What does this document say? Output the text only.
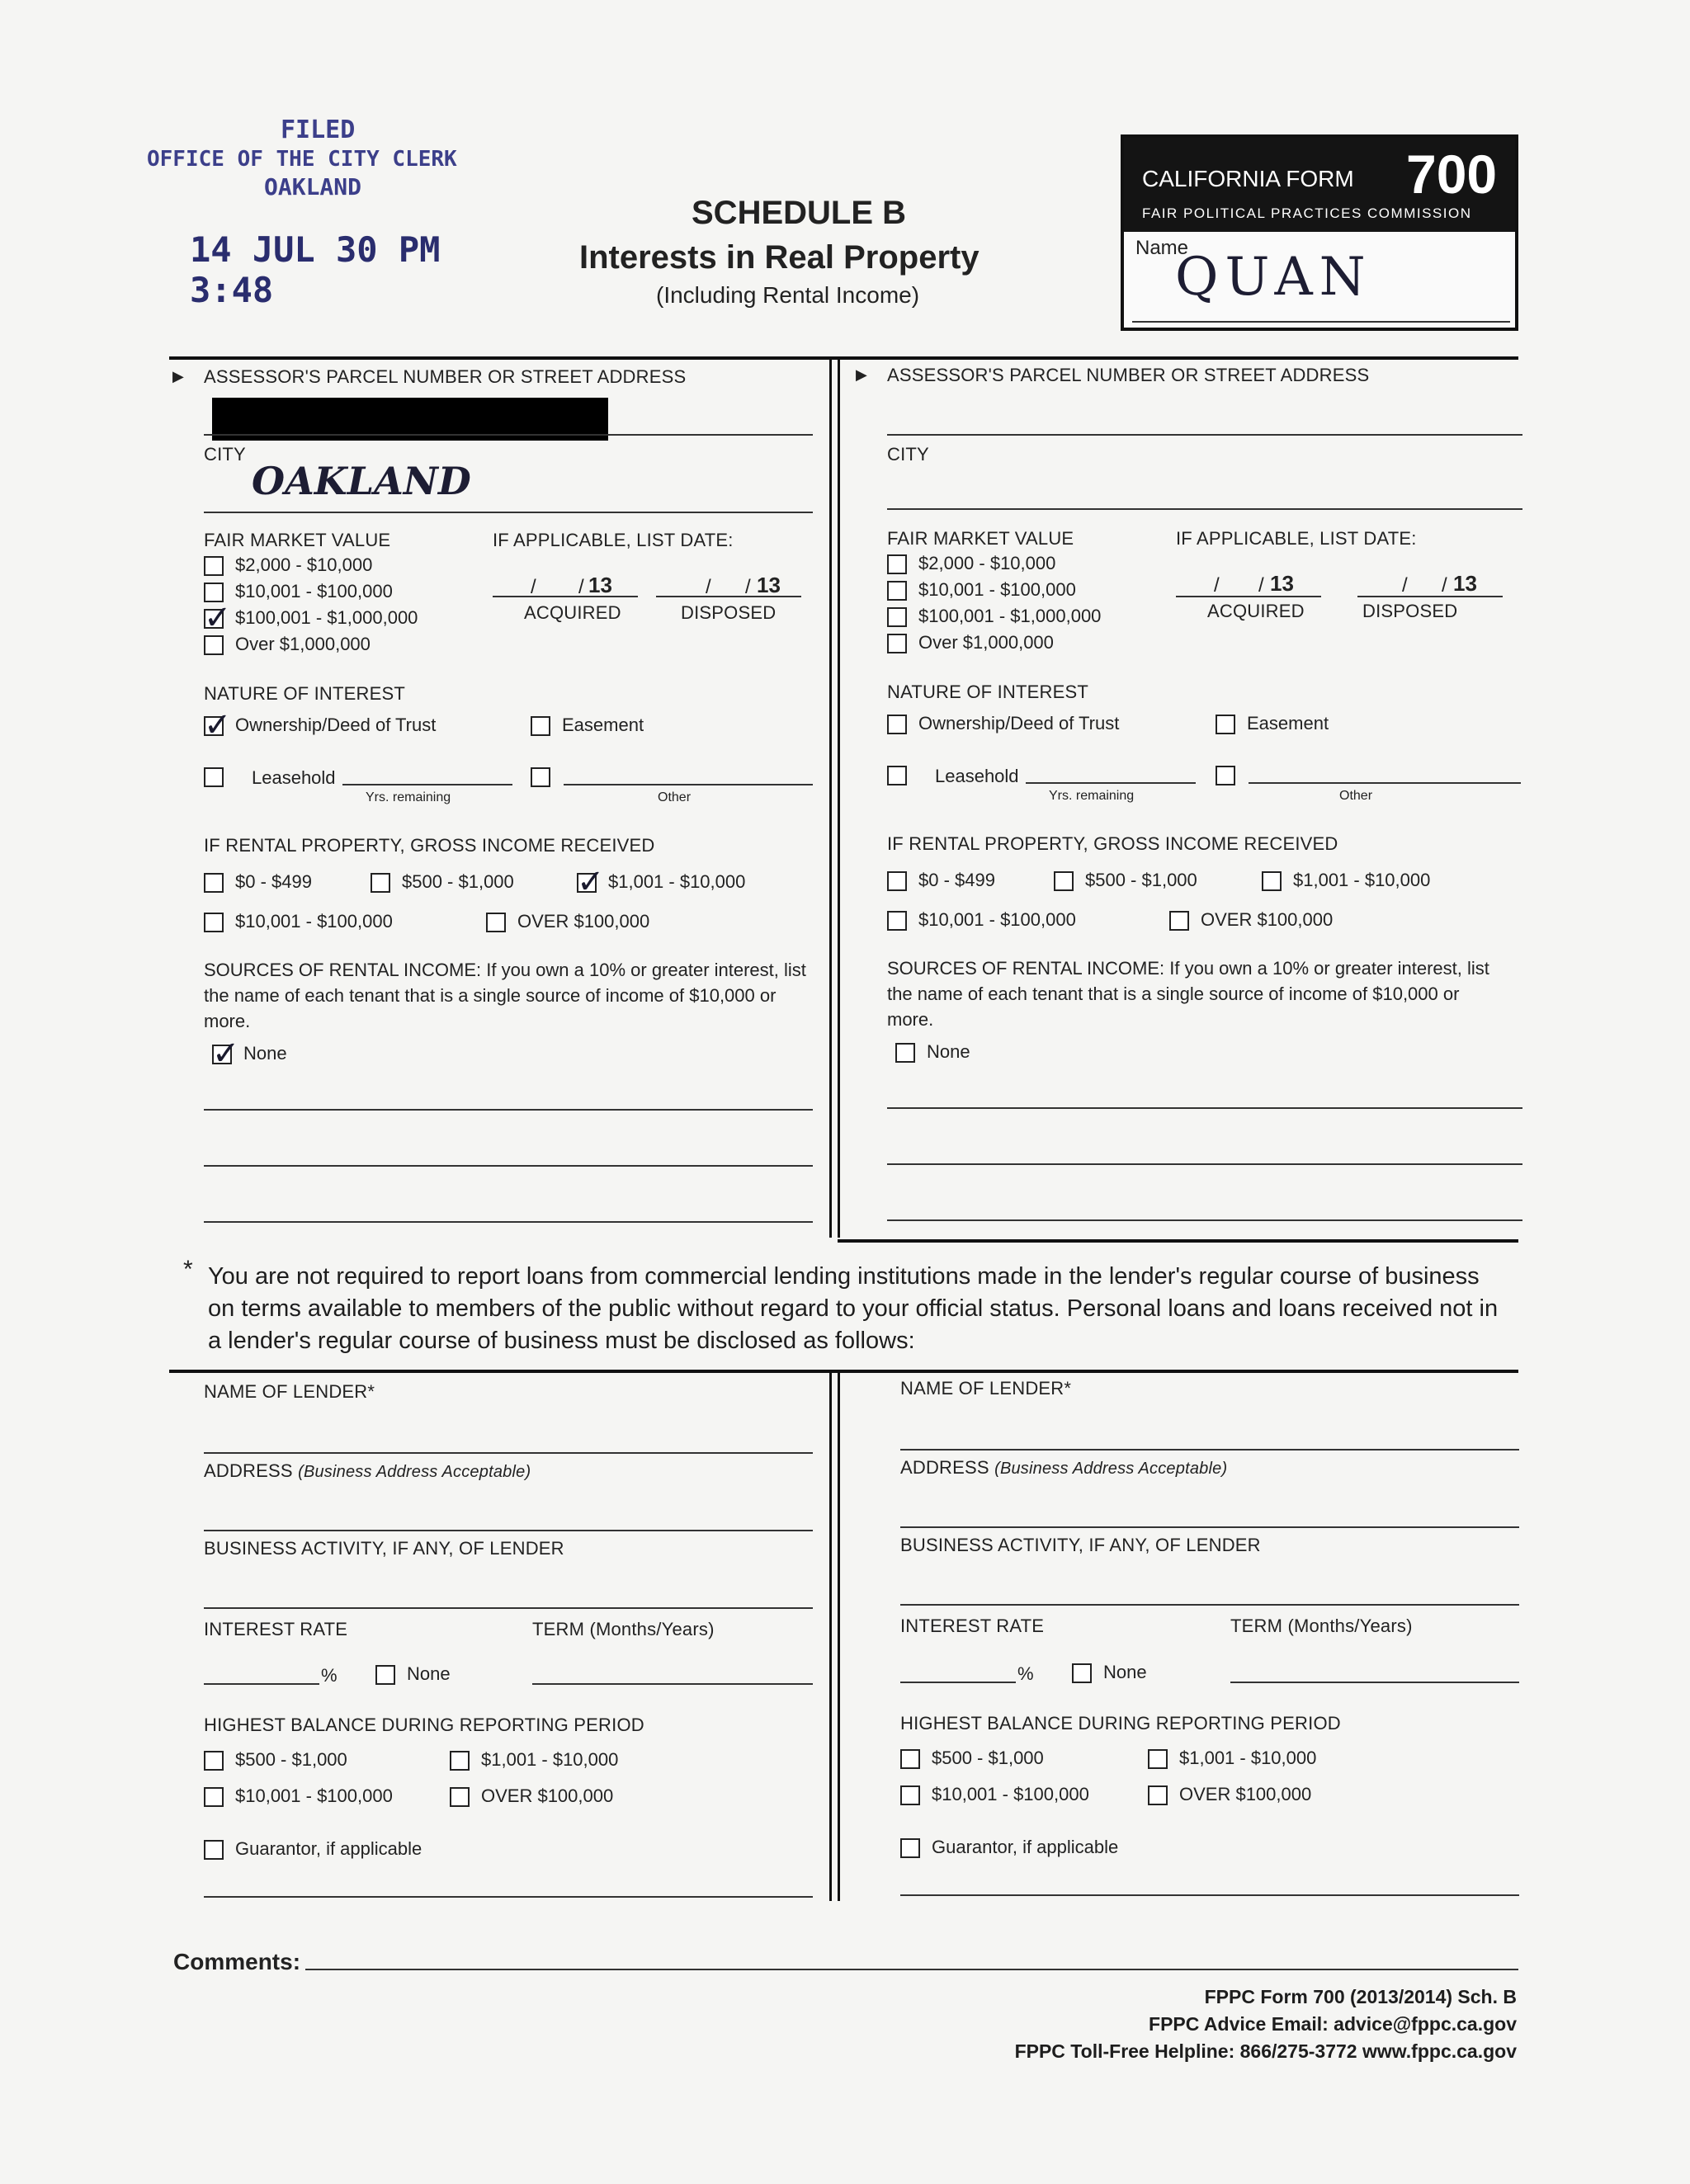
FILED
OFFICE OF THE CITY CLERK
OAKLAND
14 JUL 30 PM 3:48
SCHEDULE B
Interests in Real Property
(Including Rental Income)
CALIFORNIA FORM 700
FAIR POLITICAL PRACTICES COMMISSION
Name
QUAN
▶ ASSESSOR'S PARCEL NUMBER OR STREET ADDRESS
CITY
OAKLAND
FAIR MARKET VALUE
$2,000 - $10,000
$10,001 - $100,000
✓
$100,001 - $1,000,000
Over $1,000,000
IF APPLICABLE, LIST DATE:
/ / 13
ACQUIRED
/ / 13
DISPOSED
NATURE OF INTEREST
✓
Ownership/Deed of Trust	Easement
Leasehold
Yrs. remaining	Other
IF RENTAL PROPERTY, GROSS INCOME RECEIVED
$0 - $499	$500 - $1,000
✓	$1,001 - $10,000
$10,001 - $100,000	OVER $100,000
SOURCES OF RENTAL INCOME: If you own a 10% or greater interest, list the name of each tenant that is a single source of income of $10,000 or more.
✓
None
▶ ASSESSOR'S PARCEL NUMBER OR STREET ADDRESS
CITY
FAIR MARKET VALUE
$2,000 - $10,000
$10,001 - $100,000
$100,001 - $1,000,000
Over $1,000,000
IF APPLICABLE, LIST DATE:
/ / 13
ACQUIRED
/ / 13
DISPOSED
NATURE OF INTEREST
Ownership/Deed of Trust	Easement
Leasehold
Yrs. remaining	Other
IF RENTAL PROPERTY, GROSS INCOME RECEIVED
$0 - $499	$500 - $1,000	$1,001 - $10,000
$10,001 - $100,000	OVER $100,000
SOURCES OF RENTAL INCOME: If you own a 10% or greater interest, list the name of each tenant that is a single source of income of $10,000 or more.
None
* You are not required to report loans from commercial lending institutions made in the lender's regular course of business on terms available to members of the public without regard to your official status. Personal loans and loans received not in a lender's regular course of business must be disclosed as follows:
NAME OF LENDER*
ADDRESS (Business Address Acceptable)
BUSINESS ACTIVITY, IF ANY, OF LENDER
INTEREST RATE	TERM (Months/Years)
%	None
HIGHEST BALANCE DURING REPORTING PERIOD
$500 - $1,000	$1,001 - $10,000
$10,001 - $100,000	OVER $100,000
Guarantor, if applicable
NAME OF LENDER*
ADDRESS (Business Address Acceptable)
BUSINESS ACTIVITY, IF ANY, OF LENDER
INTEREST RATE	TERM (Months/Years)
%	None
HIGHEST BALANCE DURING REPORTING PERIOD
$500 - $1,000	$1,001 - $10,000
$10,001 - $100,000	OVER $100,000
Guarantor, if applicable
Comments:
FPPC Form 700 (2013/2014) Sch. B
FPPC Advice Email: advice@fppc.ca.gov
FPPC Toll-Free Helpline: 866/275-3772 www.fppc.ca.gov
